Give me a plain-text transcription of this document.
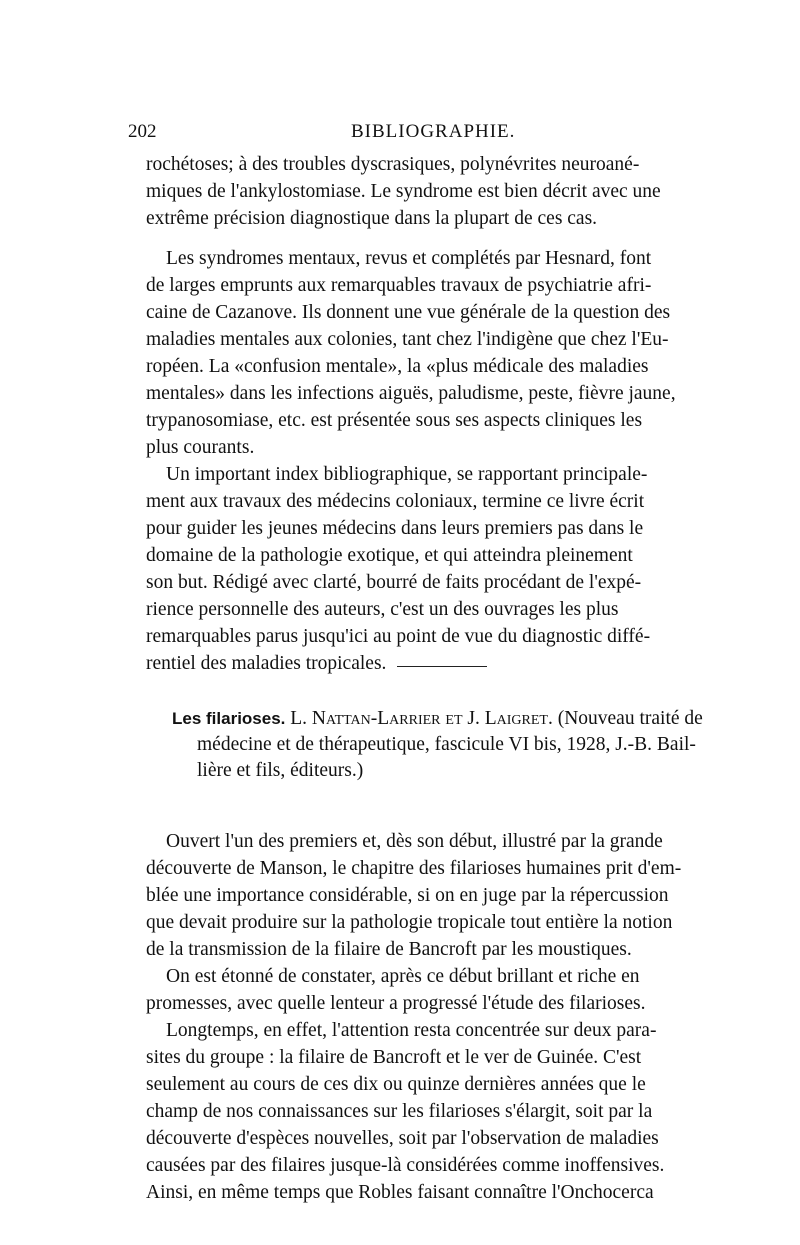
202	BIBLIOGRAPHIE.
rochétoses; à des troubles dyscrasiques, polynévrites neuroané-
miques de l'ankylostomiase. Le syndrome est bien décrit avec une
extrême précision diagnostique dans la plupart de ces cas.
Les syndromes mentaux, revus et complétés par Hesnard, font
de larges emprunts aux remarquables travaux de psychiatrie afri-
caine de Cazanove. Ils donnent une vue générale de la question des
maladies mentales aux colonies, tant chez l'indigène que chez l'Eu-
ropéen. La «confusion mentale», la «plus médicale des maladies
mentales» dans les infections aiguës, paludisme, peste, fièvre jaune,
trypanosomiase, etc. est présentée sous ses aspects cliniques les
plus courants.
Un important index bibliographique, se rapportant principale-
ment aux travaux des médecins coloniaux, termine ce livre écrit
pour guider les jeunes médecins dans leurs premiers pas dans le
domaine de la pathologie exotique, et qui atteindra pleinement
son but. Rédigé avec clarté, bourré de faits procédant de l'expé-
rience personnelle des auteurs, c'est un des ouvrages les plus
remarquables parus jusqu'ici au point de vue du diagnostic diffé-
rentiel des maladies tropicales.
Les filarioses. L. Nattan-Larrier et J. Laigret. (Nouveau traité de
médecine et de thérapeutique, fascicule VI bis, 1928, J.-B. Bail-
lière et fils, éditeurs.)
Ouvert l'un des premiers et, dès son début, illustré par la grande
découverte de Manson, le chapitre des filarioses humaines prit d'em-
blée une importance considérable, si on en juge par la répercussion
que devait produire sur la pathologie tropicale tout entière la notion
de la transmission de la filaire de Bancroft par les moustiques.
On est étonné de constater, après ce début brillant et riche en
promesses, avec quelle lenteur a progressé l'étude des filarioses.
Longtemps, en effet, l'attention resta concentrée sur deux para-
sites du groupe : la filaire de Bancroft et le ver de Guinée. C'est
seulement au cours de ces dix ou quinze dernières années que le
champ de nos connaissances sur les filarioses s'élargit, soit par la
découverte d'espèces nouvelles, soit par l'observation de maladies
causées par des filaires jusque-là considérées comme inoffensives.
Ainsi, en même temps que Robles faisant connaître l'Onchocerca
